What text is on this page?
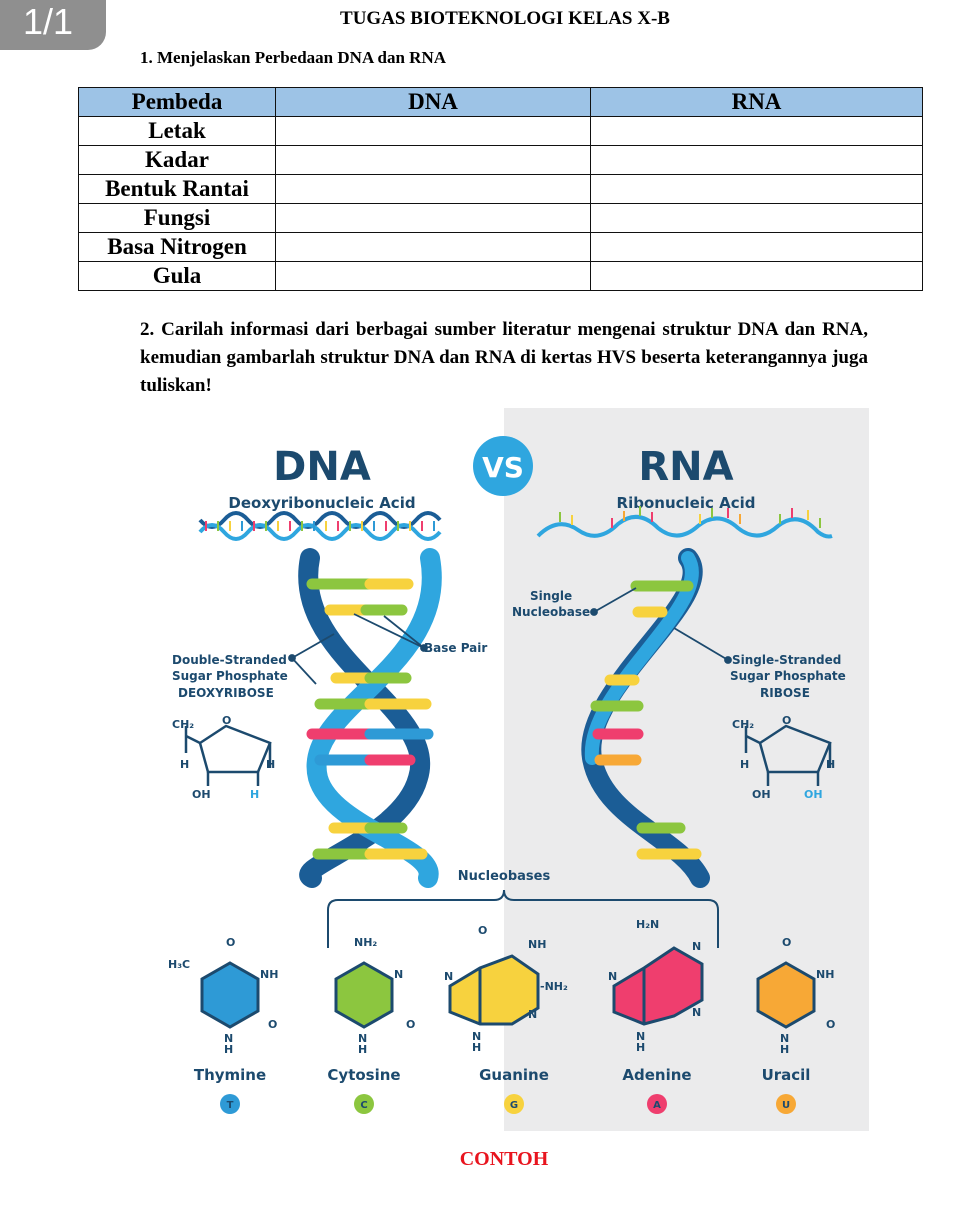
1/1	TUGAS BIOTEKNOLOGI KELAS X-B
1. Menjelaskan Perbedaan DNA dan RNA
Pembeda	DNA	RNA
Letak		
Kadar		
Bentuk Rantai		
Fungsi		
Basa Nitrogen		
Gula		
2. Carilah informasi dari berbagai sumber literatur mengenai struktur DNA dan RNA, kemudian gambarlah struktur DNA dan RNA di kertas HVS beserta keterangannya juga tuliskan!
DNA	VS	RNA
Deoxyribonucleic Acid	Ribonucleic Acid
Double-Stranded
Sugar Phosphate
DEOXYRIBOSE
Base Pair
Single
Nucleobase
Single-Stranded
Sugar Phosphate
RIBOSE
CH₂	O
H	H
OH	H
CH₂	O
H	H
OH	OH
Nucleobases
O
H₃C
NH
O
N
H
NH₂
N
O
N
H
O
NH
-NH₂
N
N
N
H
H₂N
N
N
N
N
H
O
NH
O
N
H
Thymine	Cytosine	Guanine	Adenine	Uracil
T	C	G	A	U
CONTOH
